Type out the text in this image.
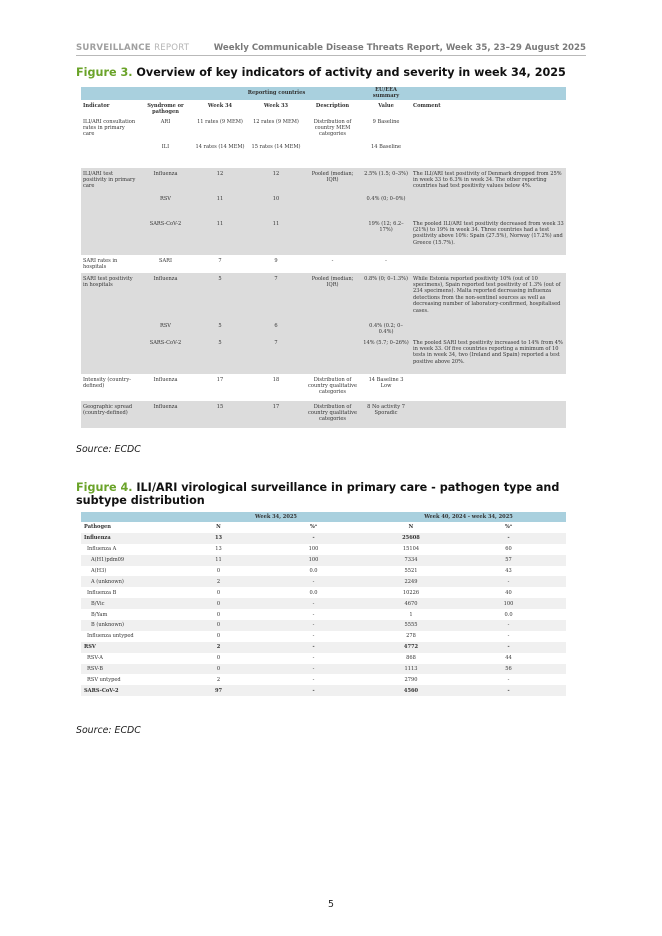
SURVEILLANCE REPORT	Weekly Communicable Disease Threats Report, Week 35, 23–29 August 2025
Figure 3. Overview of key indicators of activity and severity in week 34, 2025
		Reporting countries			EU/EEA summary	
Indicator	Syndrome or pathogen	Week 34	Week 33	Description	Value	Comment
ILI/ARI consultation rates in primary care	ARI	11 rates (9 MEM)	12 rates (9 MEM)	Distribution of country MEM categories	9 Baseline	
	ILI	14 rates (14 MEM)	15 rates (14 MEM)		14 Baseline	
ILI/ARI test positivity in primary care	Influenza	12	12	Pooled (median; IQR)	2.5% (1.5; 0–3%)	The ILI/ARI test positivity of Denmark dropped from 25% in week 33 to 6.3% in week 34. The other reporting countries had test positivity values below 4%.
	RSV	11	10		0.4% (0; 0–0%)	
	SARS-CoV-2	11	11		19% (12; 6.2–17%)	The pooled ILI/ARI test positivity decreased from week 33 (21%) to 19% in week 34. Three countries had a test positivity above 10%: Spain (27.5%), Norway (17.2%) and Greece (15.7%).
SARI rates in hospitals	SARI	7	9	-	-	
SARI test positivity in hospitals	Influenza	5	7	Pooled (median; IQR)	0.8% (0; 0–1.3%)	While Estonia reported positivity 10% (out of 10 specimens), Spain reported test positivity of 1.3% (out of 234 specimens). Malta reported decreasing influenza detections from the non-sentinel sources as well as decreasing number of laboratory-confirmed, hospitalised cases.
	RSV	5	6		0.4% (0.2; 0–0.4%)	
	SARS-CoV-2	5	7		14% (5.7; 0–26%)	The pooled SARI test positivity increased to 14% from 4% in week 33. Of five countries reporting a minimum of 10 tests in week 34, two (Ireland and Spain) reported a test positive above 20%.
Intensity (country-defined)	Influenza	17	18	Distribution of country qualitative categories	14 Baseline 3 Low	
Geographic spread (country-defined)	Influenza	15	17	Distribution of country qualitative categories	8 No activity 7 Sporadic	
Source: ECDC
Figure 4. ILI/ARI virological surveillance in primary care - pathogen type and subtype distribution
	Week 34, 2025		Week 40, 2024 - week 34, 2025	
Pathogen	N	%ᵃ	N	%ᵃ
Influenza	13	-	25608	-
Influenza A	13	100	15104	60
A(H1)pdm09	11	100	7334	57
A(H3)	0	0.0	5521	43
A (unknown)	2	-	2249	-
Influenza B	0	0.0	10226	40
B/Vic	0	-	4670	100
B/Yam	0	-	1	0.0
B (unknown)	0	-	5555	-
Influenza untyped	0	-	278	-
RSV	2	-	4772	-
RSV-A	0	-	868	44
RSV-B	0	-	1113	56
RSV untyped	2	-	2790	-
SARS-CoV-2	97	-	4560	-
Source: ECDC
5
